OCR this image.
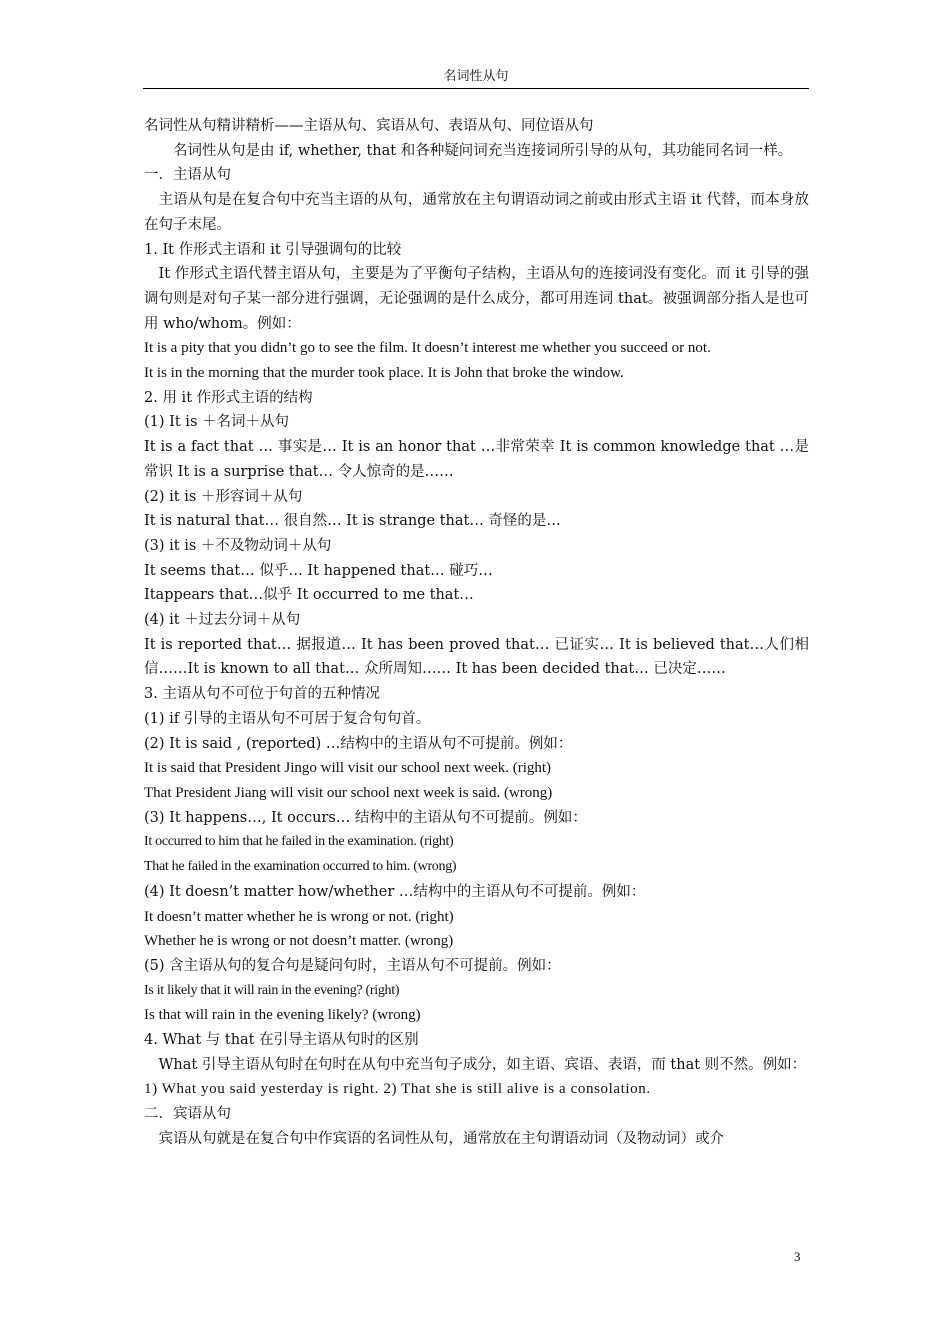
名词性从句

名词性从句精讲精析——主语从句、宾语从句、表语从句、同位语从句

名词性从句是由 if, whether, that 和各种疑问词充当连接词所引导的从句，其功能同名词一样。

一．主语从句

主语从句是在复合句中充当主语的从句，通常放在主句谓语动词之前或由形式主语 it 代替，而本身放在句子末尾。

1. It 作形式主语和 it 引导强调句的比较

It 作形式主语代替主语从句，主要是为了平衡句子结构，主语从句的连接词没有变化。而 it 引导的强调句则是对句子某一部分进行强调，无论强调的是什么成分，都可用连词 that。被强调部分指人是也可用 who/whom。例如：

It is a pity that you didn’t go to see the film. It doesn’t interest me whether you succeed or not.

It is in the morning that the murder took place. It is John that broke the window.

2. 用 it 作形式主语的结构

(1) It is ＋名词＋从句

It is a fact that … 事实是… It is an honor that …非常荣幸 It is common knowledge that …是常识 It is a surprise that… 令人惊奇的是……

(2) it is ＋形容词＋从句

It is natural that… 很自然… It is strange that… 奇怪的是…

(3) it is ＋不及物动词＋从句

It seems that… 似乎… It happened that… 碰巧…

Itappears that…似乎 It occurred to me that…

(4) it ＋过去分词＋从句

It is reported that… 据报道… It has been proved that… 已证实… It is believed that…人们相信……It is known to all that… 众所周知…… It has been decided that… 已决定……

3. 主语从句不可位于句首的五种情况

(1) if 引导的主语从句不可居于复合句句首。

(2) It is said , (reported) …结构中的主语从句不可提前。例如：

It is said that President Jingo will visit our school next week. (right)

That President Jiang will visit our school next week is said. (wrong)

(3) It happens…, It occurs… 结构中的主语从句不可提前。例如：

It occurred to him that he failed in the examination. (right)

That he failed in the examination occurred to him. (wrong)

(4) It doesn’t matter how/whether …结构中的主语从句不可提前。例如：

It doesn’t matter whether he is wrong or not. (right)

Whether he is wrong or not doesn’t matter. (wrong)

(5) 含主语从句的复合句是疑问句时，主语从句不可提前。例如：

Is it likely that it will rain in the evening? (right)

Is that will rain in the evening likely? (wrong)

4. What 与 that 在引导主语从句时的区别

What 引导主语从句时在句时在从句中充当句子成分，如主语、宾语、表语，而 that 则不然。例如：

1) What you said yesterday is right. 2) That she is still alive is a consolation.

二．宾语从句

宾语从句就是在复合句中作宾语的名词性从句，通常放在主句谓语动词（及物动词）或介

3
